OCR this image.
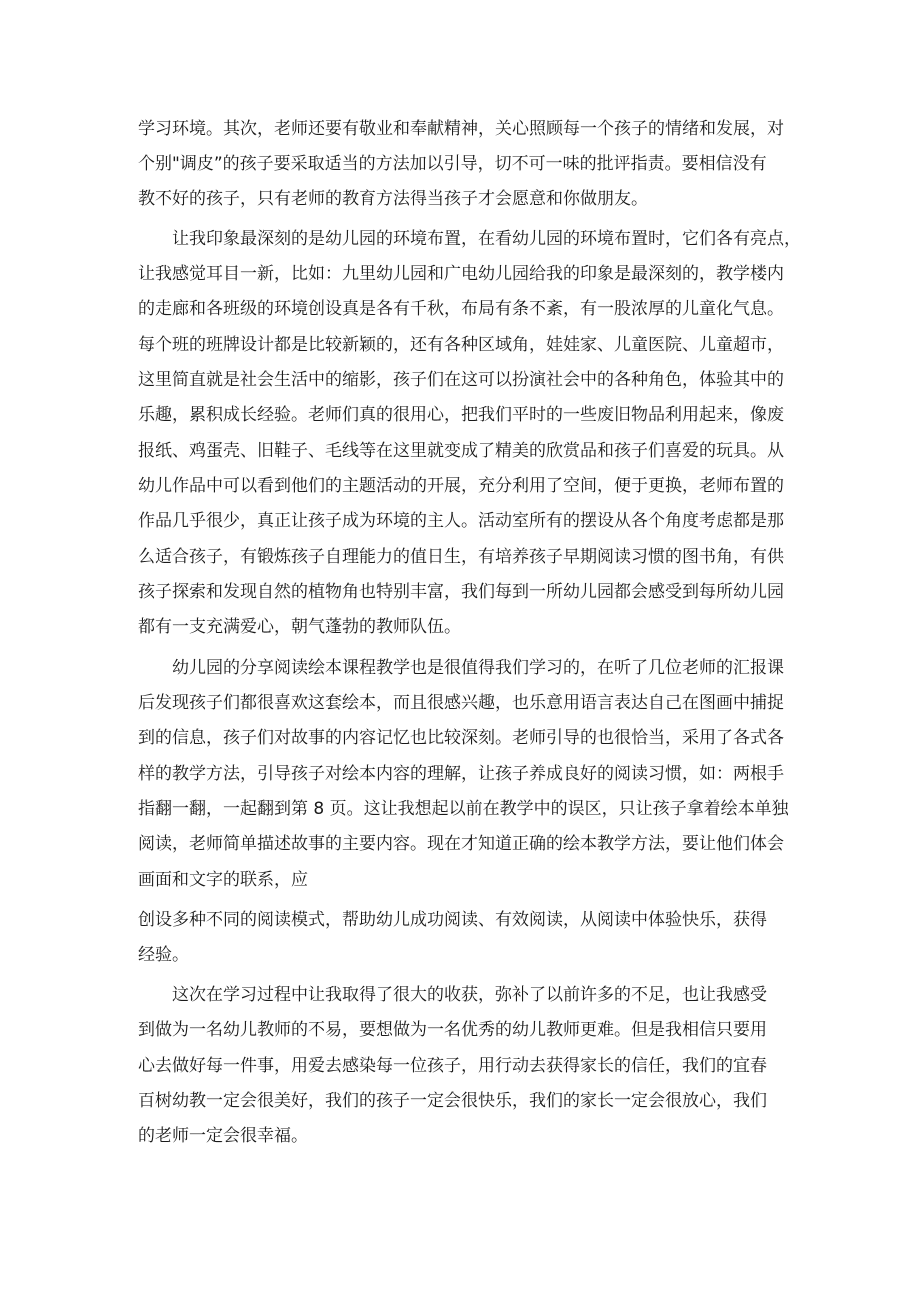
学习环境。其次，老师还要有敬业和奉献精神，关心照顾每一个孩子的情绪和发展，对
个别"调皮”的孩子要采取适当的方法加以引导，切不可一味的批评指责。要相信没有
教不好的孩子，只有老师的教育方法得当孩子才会愿意和你做朋友。
让我印象最深刻的是幼儿园的环境布置，在看幼儿园的环境布置时，它们各有亮点，
让我感觉耳目一新，比如：九里幼儿园和广电幼儿园给我的印象是最深刻的，教学楼内
的走廊和各班级的环境创设真是各有千秋，布局有条不紊，有一股浓厚的儿童化气息。
每个班的班牌设计都是比较新颖的，还有各种区域角，娃娃家、儿童医院、儿童超市，
这里简直就是社会生活中的缩影，孩子们在这可以扮演社会中的各种角色，体验其中的
乐趣，累积成长经验。老师们真的很用心，把我们平时的一些废旧物品利用起来，像废
报纸、鸡蛋壳、旧鞋子、毛线等在这里就变成了精美的欣赏品和孩子们喜爱的玩具。从
幼儿作品中可以看到他们的主题活动的开展，充分利用了空间，便于更换，老师布置的
作品几乎很少，真正让孩子成为环境的主人。活动室所有的摆设从各个角度考虑都是那
么适合孩子，有锻炼孩子自理能力的值日生，有培养孩子早期阅读习惯的图书角，有供
孩子探索和发现自然的植物角也特别丰富，我们每到一所幼儿园都会感受到每所幼儿园
都有一支充满爱心，朝气蓬勃的教师队伍。
幼儿园的分享阅读绘本课程教学也是很值得我们学习的，在听了几位老师的汇报课
后发现孩子们都很喜欢这套绘本，而且很感兴趣，也乐意用语言表达自己在图画中捕捉
到的信息，孩子们对故事的内容记忆也比较深刻。老师引导的也很恰当，采用了各式各
样的教学方法，引导孩子对绘本内容的理解，让孩子养成良好的阅读习惯，如：两根手
指翻一翻，一起翻到第 8 页。这让我想起以前在教学中的误区，只让孩子拿着绘本单独
阅读，老师简单描述故事的主要内容。现在才知道正确的绘本教学方法，要让他们体会
画面和文字的联系，应
创设多种不同的阅读模式，帮助幼儿成功阅读、有效阅读，从阅读中体验快乐，获得
经验。
这次在学习过程中让我取得了很大的收获，弥补了以前许多的不足，也让我感受
到做为一名幼儿教师的不易，要想做为一名优秀的幼儿教师更难。但是我相信只要用
心去做好每一件事，用爱去感染每一位孩子，用行动去获得家长的信任，我们的宜春
百树幼教一定会很美好，我们的孩子一定会很快乐，我们的家长一定会很放心，我们
的老师一定会很幸福。
